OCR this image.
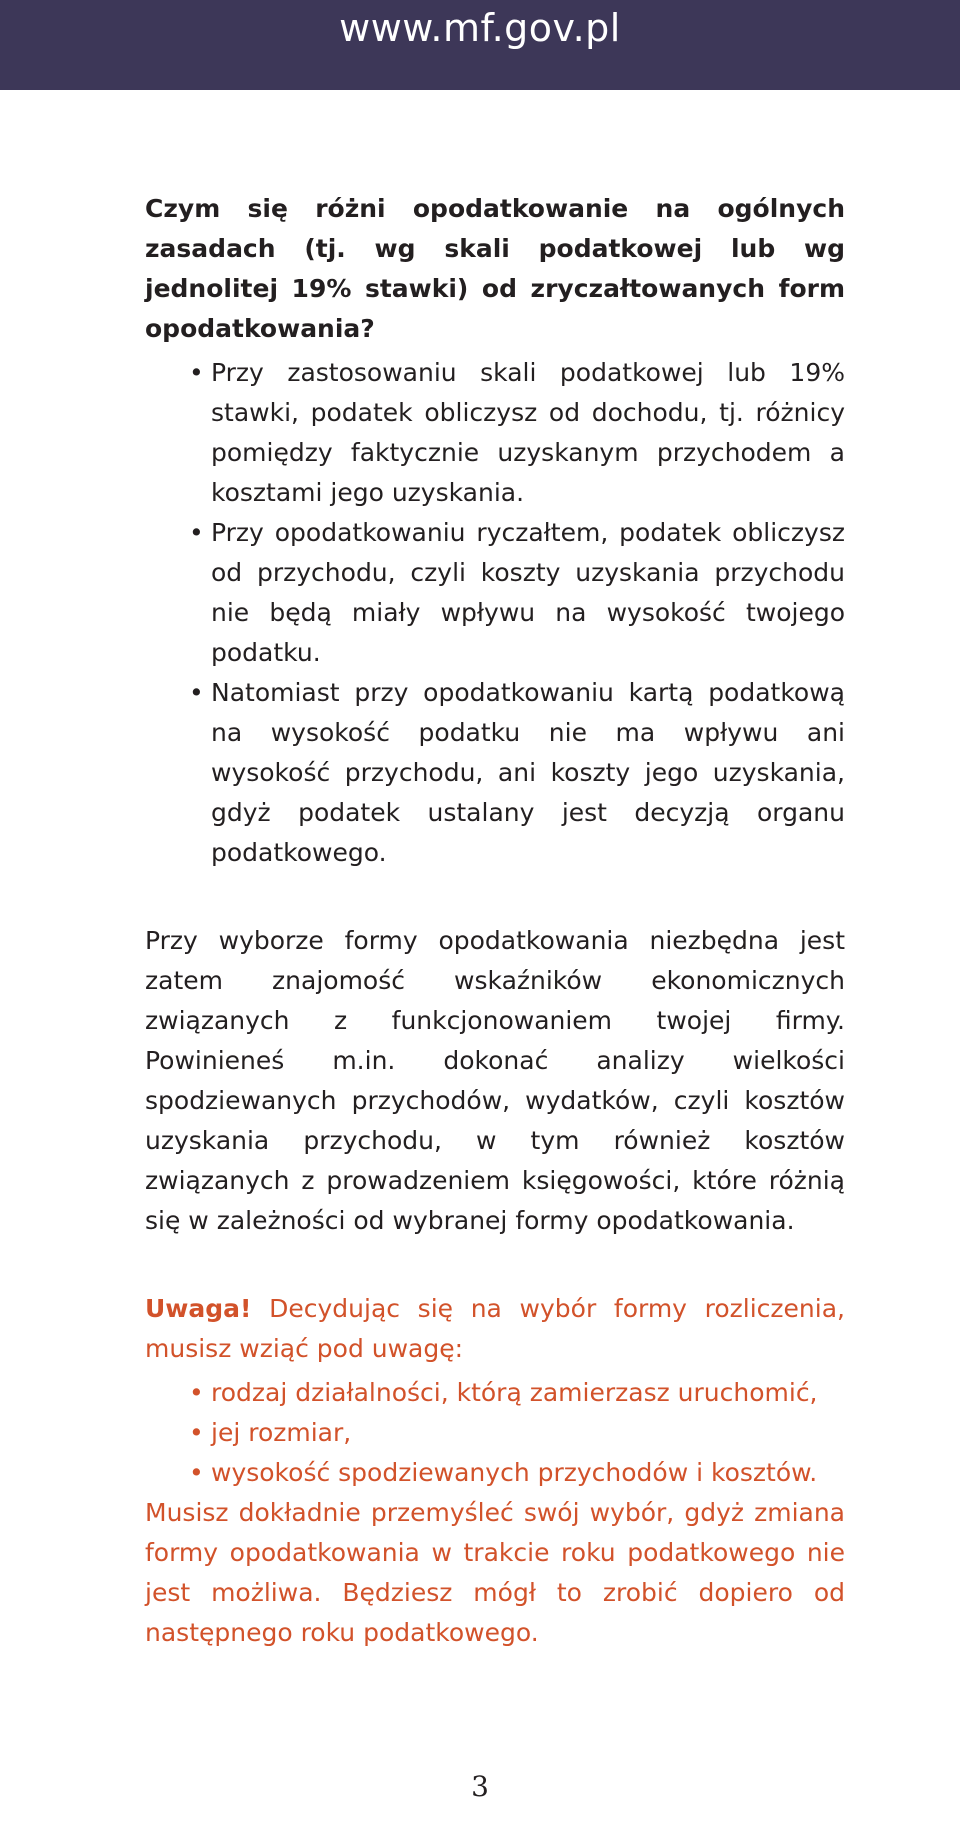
www.mf.gov.pl

Czym się różni opodatkowanie na ogólnych zasadach (tj. wg skali podatkowej lub wg jednolitej 19% stawki) od zryczałtowanych form opodatkowania?

• Przy zastosowaniu skali podatkowej lub 19% stawki, podatek obliczysz od dochodu, tj. różnicy pomiędzy faktycznie uzyskanym przychodem a kosztami jego uzyskania.
• Przy opodatkowaniu ryczałtem, podatek obliczysz od przychodu, czyli koszty uzyskania przychodu nie będą miały wpływu na wysokość twojego podatku.
• Natomiast przy opodatkowaniu kartą podatkową na wysokość podatku nie ma wpływu ani wysokość przychodu, ani koszty jego uzyskania, gdyż podatek ustalany jest decyzją organu podatkowego.

Przy wyborze formy opodatkowania niezbędna jest zatem znajomość wskaźników ekonomicznych związanych z funkcjonowaniem twojej firmy. Powinieneś m.in. dokonać analizy wielkości spodziewanych przychodów, wydatków, czyli kosztów uzyskania przychodu, w tym również kosztów związanych z prowadzeniem księgowości, które różnią się w zależności od wybranej formy opodatkowania.

Uwaga! Decydując się na wybór formy rozliczenia, musisz wziąć pod uwagę:

• rodzaj działalności, którą zamierzasz uruchomić,
• jej rozmiar,
• wysokość spodziewanych przychodów i kosztów.

Musisz dokładnie przemyśleć swój wybór, gdyż zmiana formy opodatkowania w trakcie roku podatkowego nie jest możliwa. Będziesz mógł to zrobić dopiero od następnego roku podatkowego.

3
